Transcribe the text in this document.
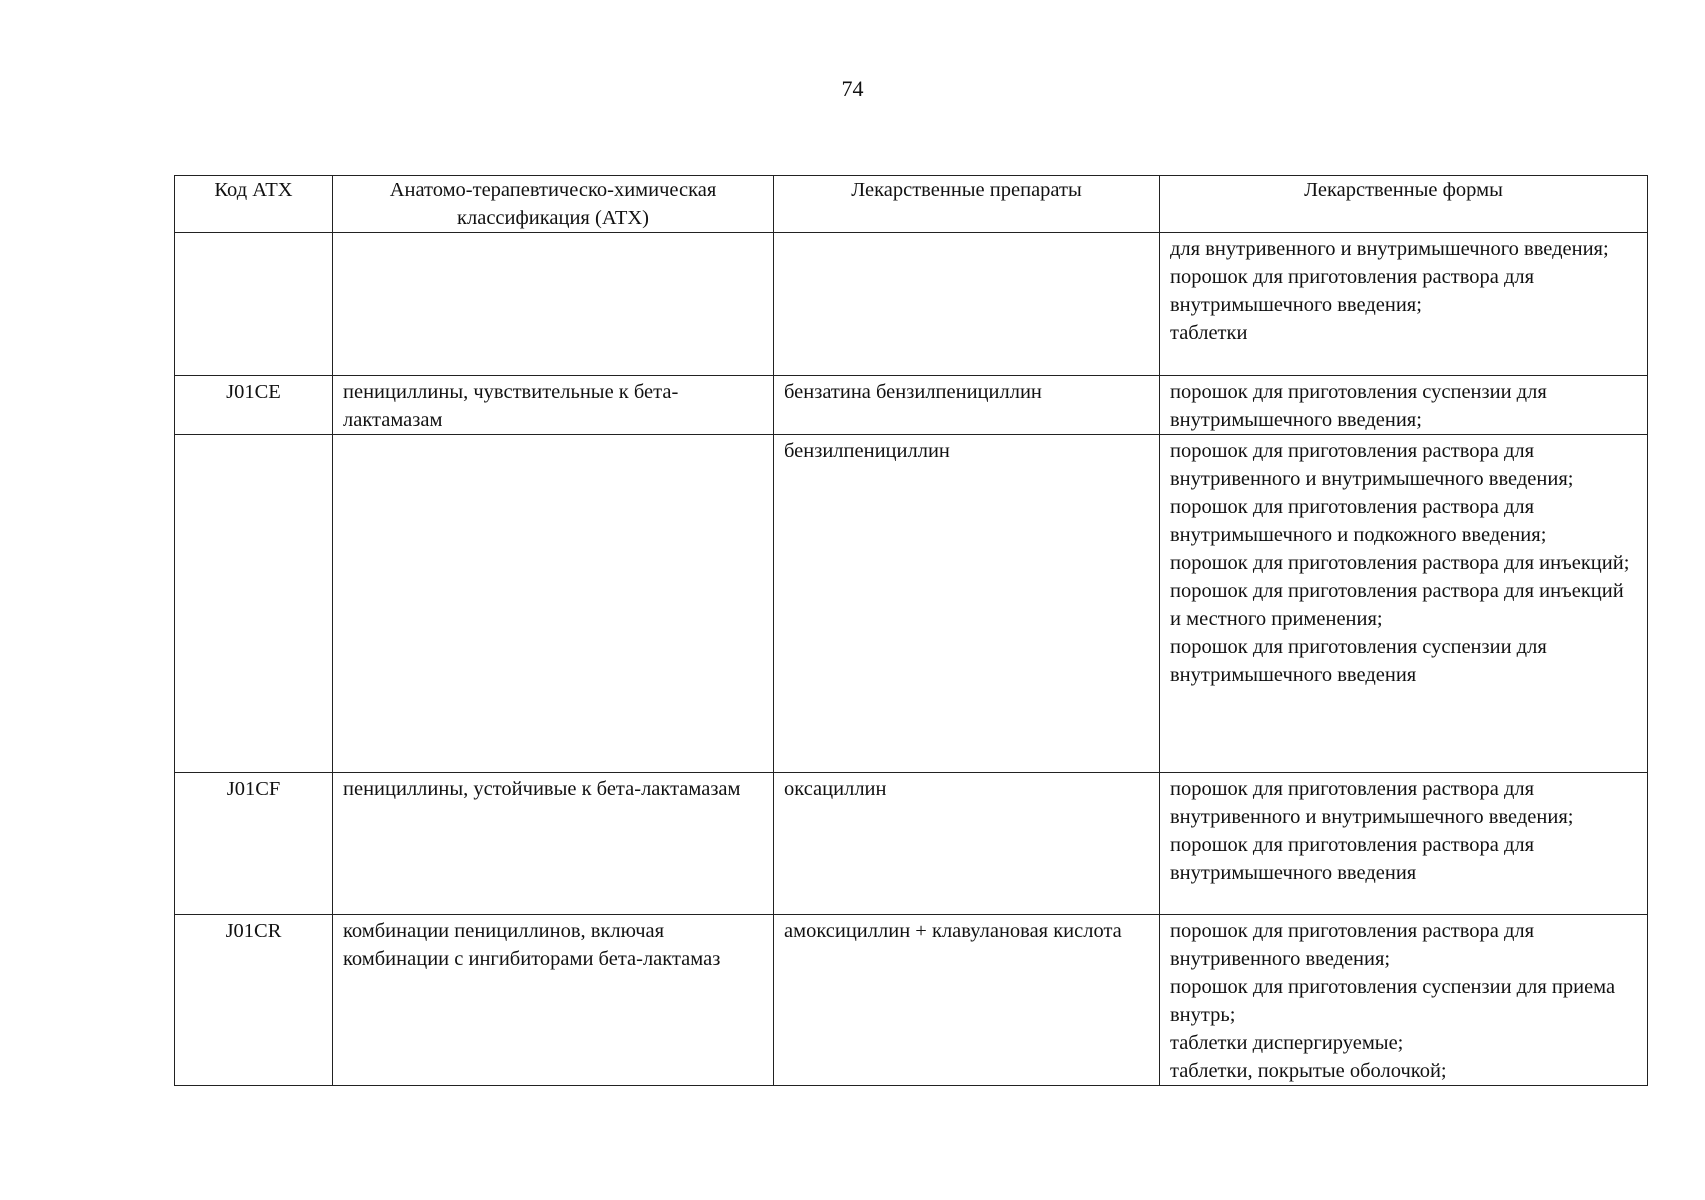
74
Код АТХ	Анатомо-терапевтическо-химическая классификация (АТХ)	Лекарственные препараты	Лекарственные формы

			для внутривенного и внутримышечного введения;
порошок для приготовления раствора для внутримышечного введения;
таблетки

J01CE	пенициллины, чувствительные к бета-лактамазам	бензатина бензилпенициллин	порошок для приготовления суспензии для внутримышечного введения;

		бензилпенициллин	порошок для приготовления раствора для внутривенного и внутримышечного введения;
порошок для приготовления раствора для внутримышечного и подкожного введения;
порошок для приготовления раствора для инъекций;
порошок для приготовления раствора для инъекций и местного применения;
порошок для приготовления суспензии для внутримышечного введения

J01CF	пенициллины, устойчивые к бета-лактамазам	оксациллин	порошок для приготовления раствора для внутривенного и внутримышечного введения;
порошок для приготовления раствора для внутримышечного введения

J01CR	комбинации пенициллинов, включая комбинации с ингибиторами бета-лактамаз	амоксициллин + клавулановая кислота	порошок для приготовления раствора для внутривенного введения;
порошок для приготовления суспензии для приема внутрь;
таблетки диспергируемые;
таблетки, покрытые оболочкой;
